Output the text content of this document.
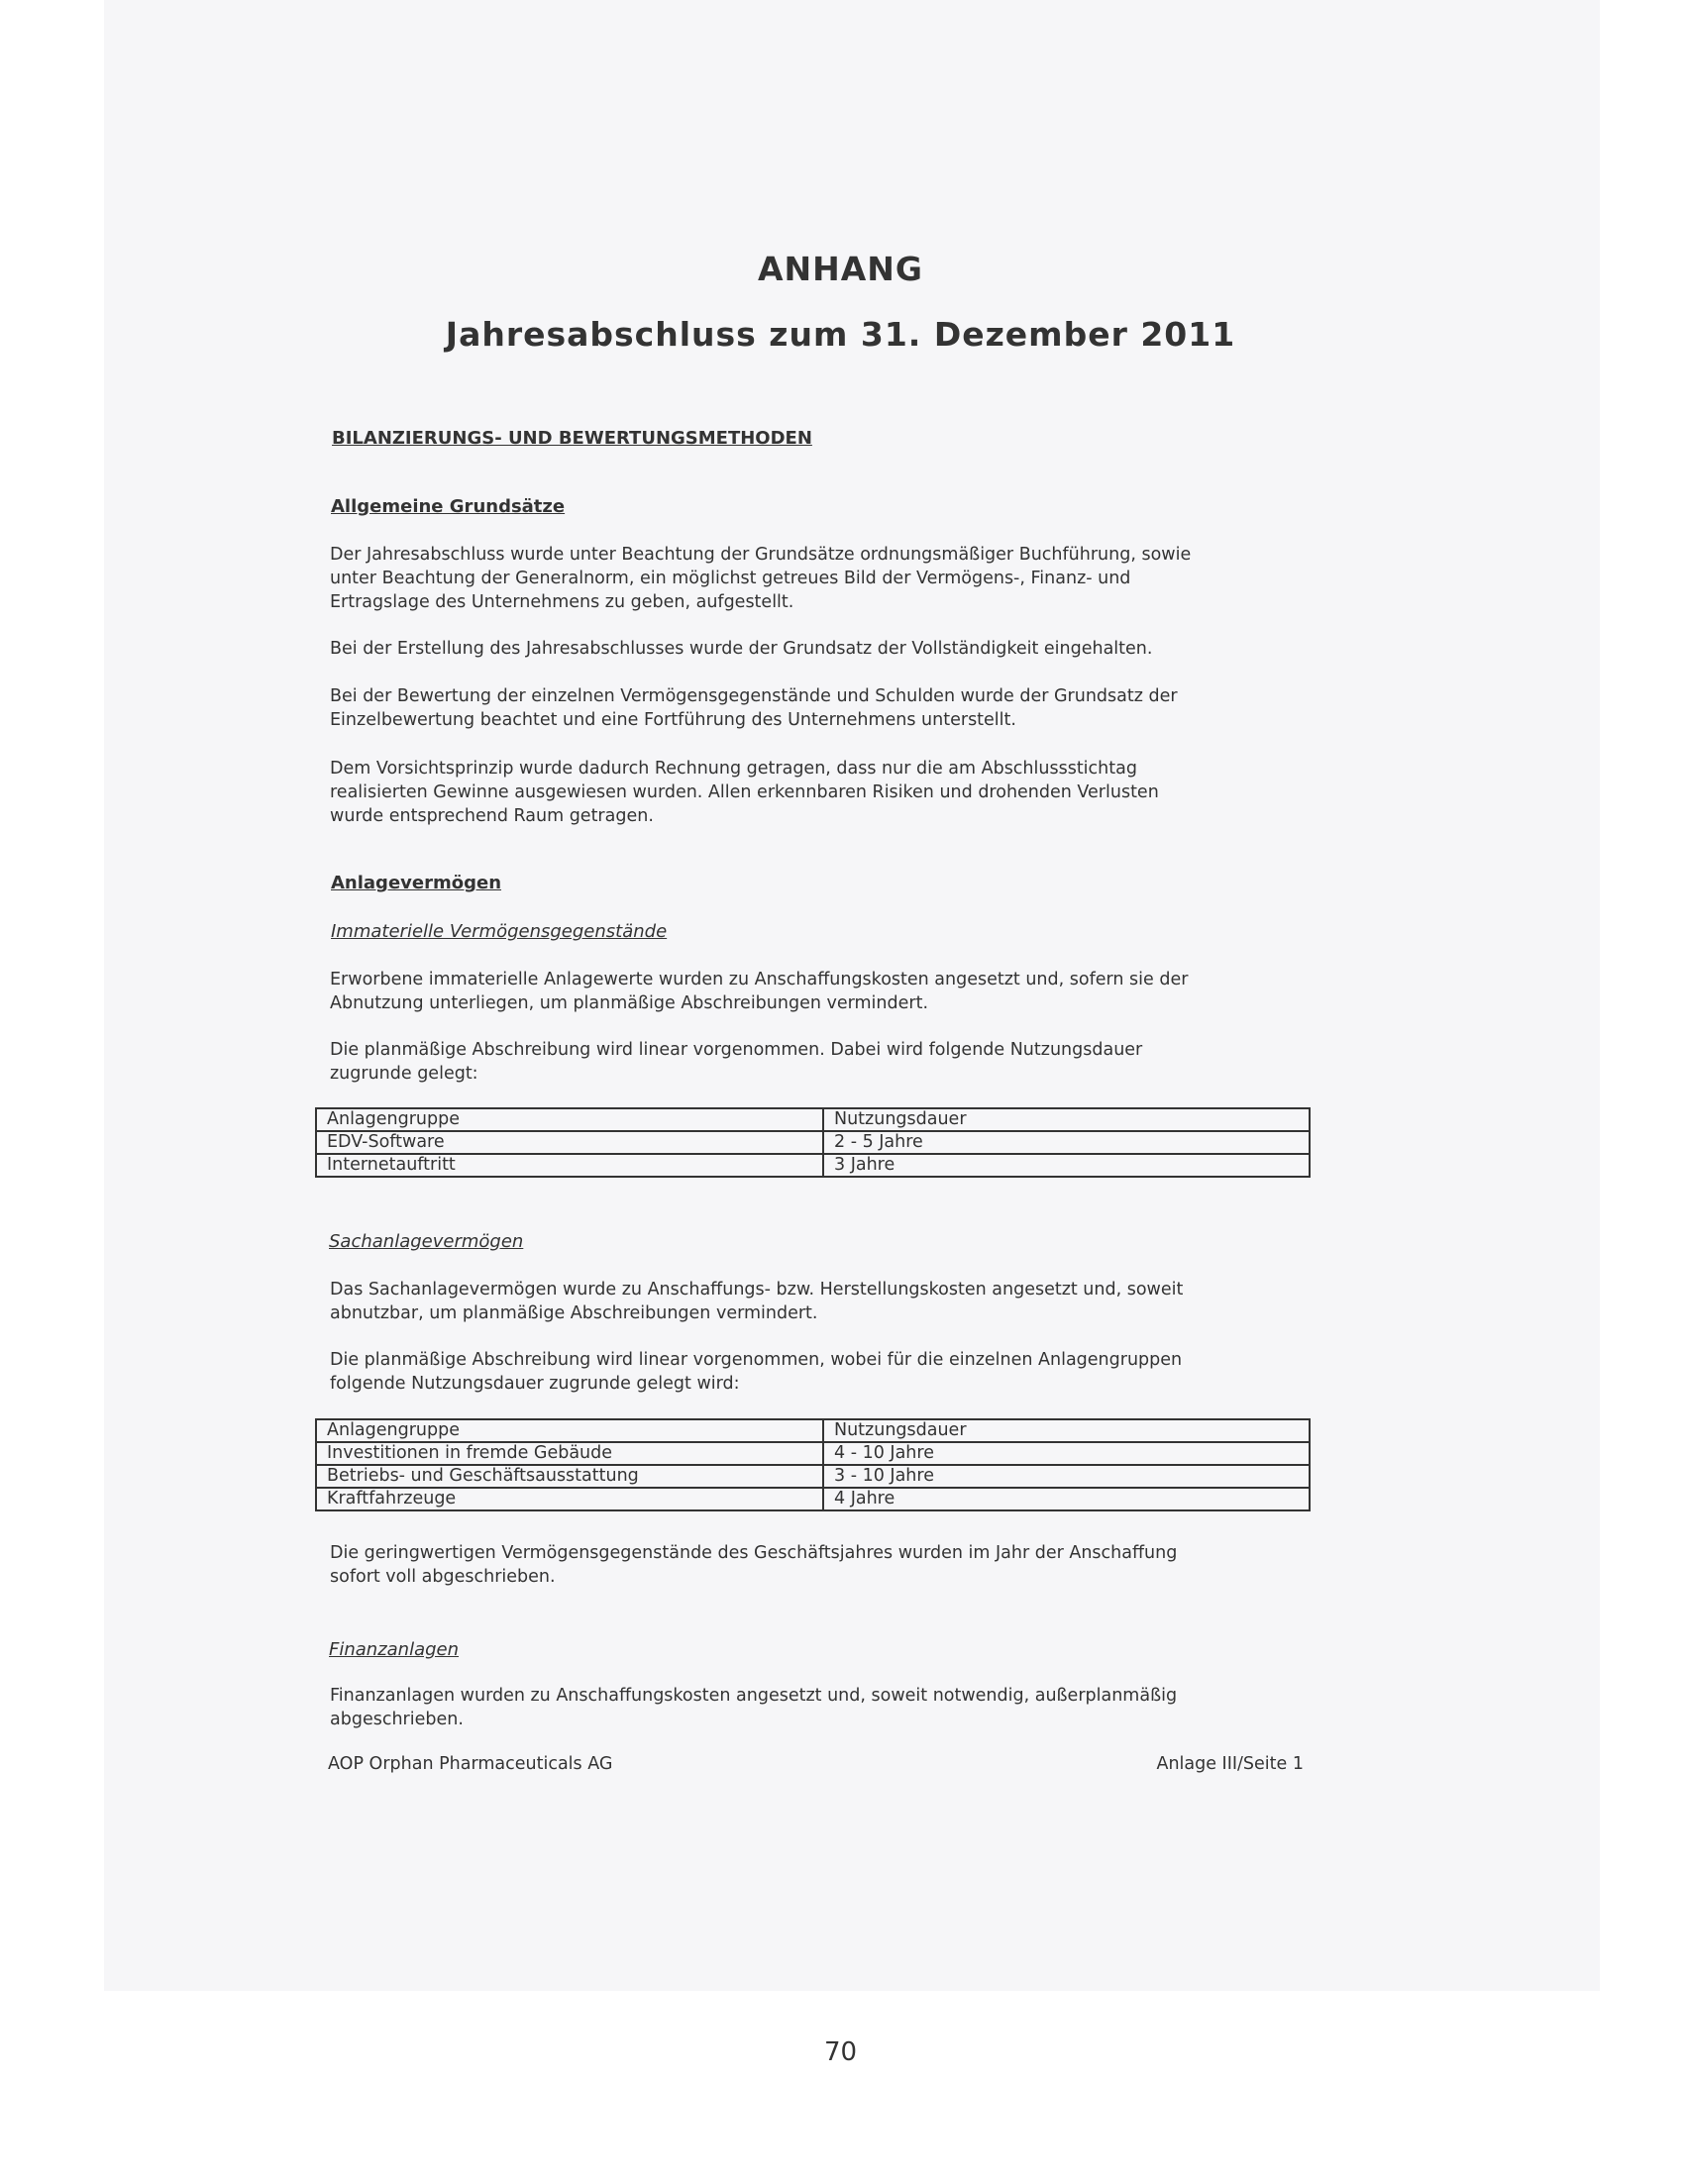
ANHANG
Jahresabschluss zum 31. Dezember 2011
BILANZIERUNGS- UND BEWERTUNGSMETHODEN
Allgemeine Grundsätze
Der Jahresabschluss wurde unter Beachtung der Grundsätze ordnungsmäßiger Buchführung, sowie
unter Beachtung der Generalnorm, ein möglichst getreues Bild der Vermögens-, Finanz- und
Ertragslage des Unternehmens zu geben, aufgestellt.
Bei der Erstellung des Jahresabschlusses wurde der Grundsatz der Vollständigkeit eingehalten.
Bei der Bewertung der einzelnen Vermögensgegenstände und Schulden wurde der Grundsatz der
Einzelbewertung beachtet und eine Fortführung des Unternehmens unterstellt.
Dem Vorsichtsprinzip wurde dadurch Rechnung getragen, dass nur die am Abschlussstichtag
realisierten Gewinne ausgewiesen wurden. Allen erkennbaren Risiken und drohenden Verlusten
wurde entsprechend Raum getragen.
Anlagevermögen
Immaterielle Vermögensgegenstände
Erworbene immaterielle Anlagewerte wurden zu Anschaffungskosten angesetzt und, sofern sie der
Abnutzung unterliegen, um planmäßige Abschreibungen vermindert.
Die planmäßige Abschreibung wird linear vorgenommen. Dabei wird folgende Nutzungsdauer
zugrunde gelegt:
Anlagengruppe	Nutzungsdauer
EDV-Software	2 - 5 Jahre
Internetauftritt	3 Jahre
Sachanlagevermögen
Das Sachanlagevermögen wurde zu Anschaffungs- bzw. Herstellungskosten angesetzt und, soweit
abnutzbar, um planmäßige Abschreibungen vermindert.
Die planmäßige Abschreibung wird linear vorgenommen, wobei für die einzelnen Anlagengruppen
folgende Nutzungsdauer zugrunde gelegt wird:
Anlagengruppe	Nutzungsdauer
Investitionen in fremde Gebäude	4 - 10 Jahre
Betriebs- und Geschäftsausstattung	3 - 10 Jahre
Kraftfahrzeuge	4 Jahre
Die geringwertigen Vermögensgegenstände des Geschäftsjahres wurden im Jahr der Anschaffung
sofort voll abgeschrieben.
Finanzanlagen
Finanzanlagen wurden zu Anschaffungskosten angesetzt und, soweit notwendig, außerplanmäßig
abgeschrieben.
AOP Orphan Pharmaceuticals AG	Anlage III/Seite 1
70
